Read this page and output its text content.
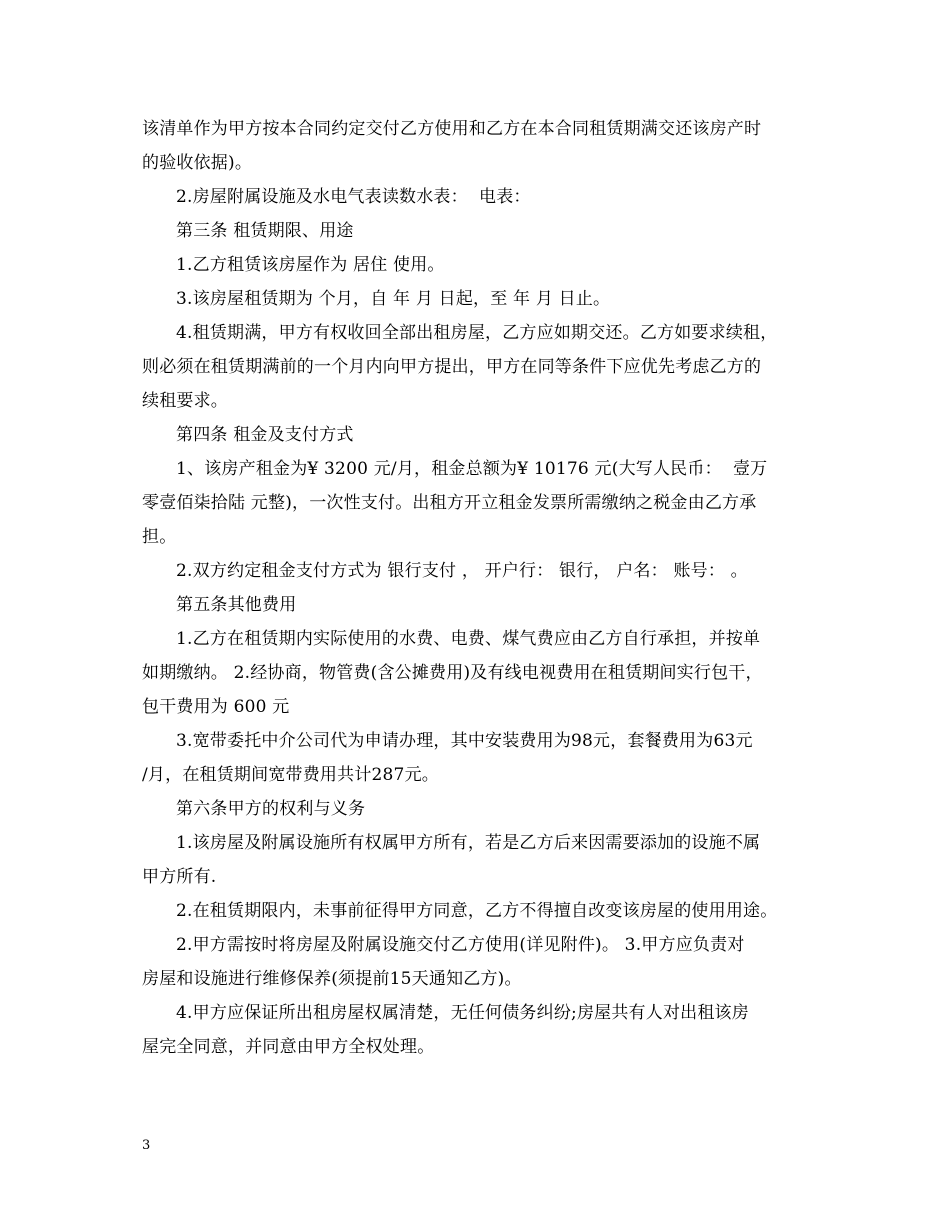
该清单作为甲方按本合同约定交付乙方使用和乙方在本合同租赁期满交还该房产时
的验收依据)。
2.房屋附属设施及水电气表读数水表：  电表：
第三条 租赁期限、用途
1.乙方租赁该房屋作为 居住 使用。
3.该房屋租赁期为 个月，自 年 月 日起，至 年 月 日止。
4.租赁期满，甲方有权收回全部出租房屋，乙方应如期交还。乙方如要求续租，
则必须在租赁期满前的一个月内向甲方提出，甲方在同等条件下应优先考虑乙方的
续租要求。
第四条 租金及支付方式
1、该房产租金为¥ 3200 元/月，租金总额为¥ 10176 元(大写人民币：  壹万
零壹佰柒拾陆 元整)，一次性支付。出租方开立租金发票所需缴纳之税金由乙方承
担。
2.双方约定租金支付方式为 银行支付 ， 开户行： 银行， 户名： 账号： 。
第五条其他费用
1.乙方在租赁期内实际使用的水费、电费、煤气费应由乙方自行承担，并按单
如期缴纳。 2.经协商，物管费(含公摊费用)及有线电视费用在租赁期间实行包干，
包干费用为 600 元
3.宽带委托中介公司代为申请办理，其中安装费用为98元，套餐费用为63元
/月，在租赁期间宽带费用共计287元。
第六条甲方的权利与义务
1.该房屋及附属设施所有权属甲方所有，若是乙方后来因需要添加的设施不属
甲方所有.
2.在租赁期限内，未事前征得甲方同意，乙方不得擅自改变该房屋的使用用途。
2.甲方需按时将房屋及附属设施交付乙方使用(详见附件)。 3.甲方应负责对
房屋和设施进行维修保养(须提前15天通知乙方)。
4.甲方应保证所出租房屋权属清楚，无任何债务纠纷;房屋共有人对出租该房
屋完全同意，并同意由甲方全权处理。
3
